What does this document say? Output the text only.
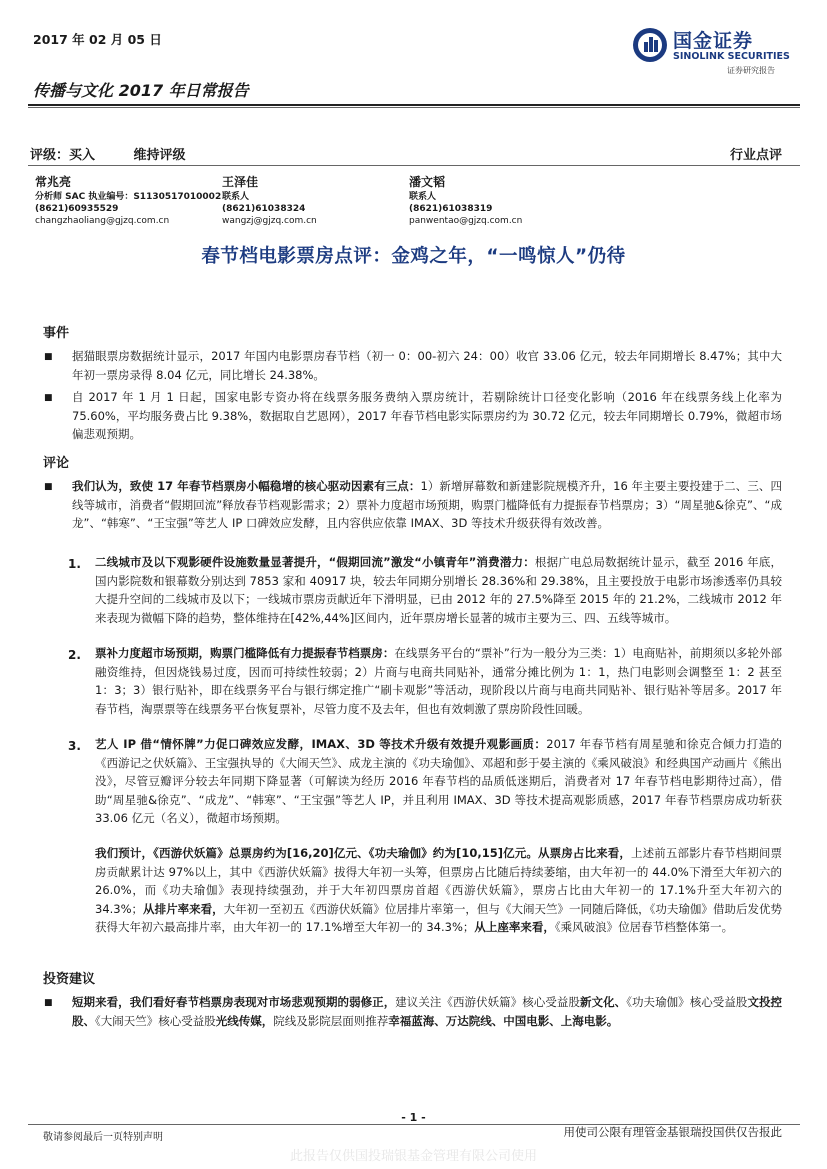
2017 年 02 月 05 日
传播与文化 2017 年日常报告
国金证券
SINOLINK SECURITIES
证券研究报告
评级：买入	维持评级	行业点评
常兆亮
分析师 SAC 执业编号：S1130517010002
(8621)60935529
changzhaoliang@gjzq.com.cn
王泽佳
联系人
(8621)61038324
wangzj@gjzq.com.cn
潘文韬
联系人
(8621)61038319
panwentao@gjzq.com.cn
春节档电影票房点评：金鸡之年，“一鸣惊人”仍待
事件
■ 据猫眼票房数据统计显示，2017 年国内电影票房春节档（初一 0：00-初六 24：00）收官 33.06 亿元，较去年同期增长 8.47%；其中大年初一票房录得 8.04 亿元，同比增长 24.38%。
■ 自 2017 年 1 月 1 日起，国家电影专资办将在线票务服务费纳入票房统计，若剔除统计口径变化影响（2016 年在线票务线上化率为 75.60%，平均服务费占比 9.38%，数据取自艺恩网），2017 年春节档电影实际票房约为 30.72 亿元，较去年同期增长 0.79%，微超市场偏悲观预期。
评论
■ 我们认为，致使 17 年春节档票房小幅稳增的核心驱动因素有三点：1）新增屏幕数和新建影院规模齐升，16 年主要主要投建于二、三、四线等城市，消费者“假期回流”释放春节档观影需求；2）票补力度超市场预期，购票门槛降低有力提振春节档票房；3）“周星驰&徐克”、“成龙”、“韩寒”、“王宝强”等艺人 IP 口碑效应发酵，且内容供应依靠 IMAX、3D 等技术升级获得有效改善。
1. 二线城市及以下观影硬件设施数量显著提升，“假期回流”激发“小镇青年”消费潜力：根据广电总局数据统计显示，截至 2016 年底，国内影院数和银幕数分别达到 7853 家和 40917 块，较去年同期分别增长 28.36%和 29.38%，且主要投放于电影市场渗透率仍具较大提升空间的二线城市及以下；一线城市票房贡献近年下滑明显，已由 2012 年的 27.5%降至 2015 年的 21.2%，二线城市 2012 年来表现为微幅下降的趋势，整体维持在[42%,44%]区间内，近年票房增长显著的城市主要为三、四、五线等城市。
2. 票补力度超市场预期，购票门槛降低有力提振春节档票房：在线票务平台的“票补”行为一般分为三类：1）电商贴补，前期须以多轮外部融资维持，但因烧钱易过度，因而可持续性较弱；2）片商与电商共同贴补，通常分摊比例为 1：1，热门电影则会调整至 1：2 甚至 1：3；3）银行贴补，即在线票务平台与银行绑定推广“刷卡观影”等活动，现阶段以片商与电商共同贴补、银行贴补等居多。2017 年春节档，淘票票等在线票务平台恢复票补，尽管力度不及去年，但也有效刺激了票房阶段性回暖。
3. 艺人 IP 借“情怀牌”力促口碑效应发酵，IMAX、3D 等技术升级有效提升观影画质：2017 年春节档有周星驰和徐克合倾力打造的《西游记之伏妖篇》、王宝强执导的《大闹天竺》、成龙主演的《功夫瑜伽》、邓超和彭于晏主演的《乘风破浪》和经典国产动画片《熊出没》，尽管豆瓣评分较去年同期下降显著（可解读为经历 2016 年春节档的品质低迷期后，消费者对 17 年春节档电影期待过高），借助“周星驰&徐克”、“成龙”、“韩寒”、“王宝强”等艺人 IP，并且利用 IMAX、3D 等技术提高观影质感，2017 年春节档票房成功斩获 33.06 亿元（名义），微超市场预期。
我们预计，《西游伏妖篇》总票房约为[16,20]亿元、《功夫瑜伽》约为[10,15]亿元。从票房占比来看，上述前五部影片春节档期间票房贡献累计达 97%以上，其中《西游伏妖篇》拔得大年初一头筹，但票房占比随后持续萎缩，由大年初一的 44.0%下滑至大年初六的 26.0%，而《功夫瑜伽》表现持续强劲，并于大年初四票房首超《西游伏妖篇》，票房占比由大年初一的 17.1%升至大年初六的 34.3%；从排片率来看，大年初一至初五《西游伏妖篇》位居排片率第一，但与《大闹天竺》一同随后降低，《功夫瑜伽》借助后发优势获得大年初六最高排片率，由大年初一的 17.1%增至大年初一的 34.3%；从上座率来看，《乘风破浪》位居春节档整体第一。
投资建议
■ 短期来看，我们看好春节档票房表现对市场悲观预期的弱修正，建议关注《西游伏妖篇》核心受益股新文化、《功夫瑜伽》核心受益股文投控股、《大闹天竺》核心受益股光线传媒，院线及影院层面则推荐幸福蓝海、万达院线、中国电影、上海电影。
- 1 -
敬请参阅最后一页特别声明	用使司公限有理管金基银瑞投国供仅告报此
此报告仅供国投瑞银基金管理有限公司使用
